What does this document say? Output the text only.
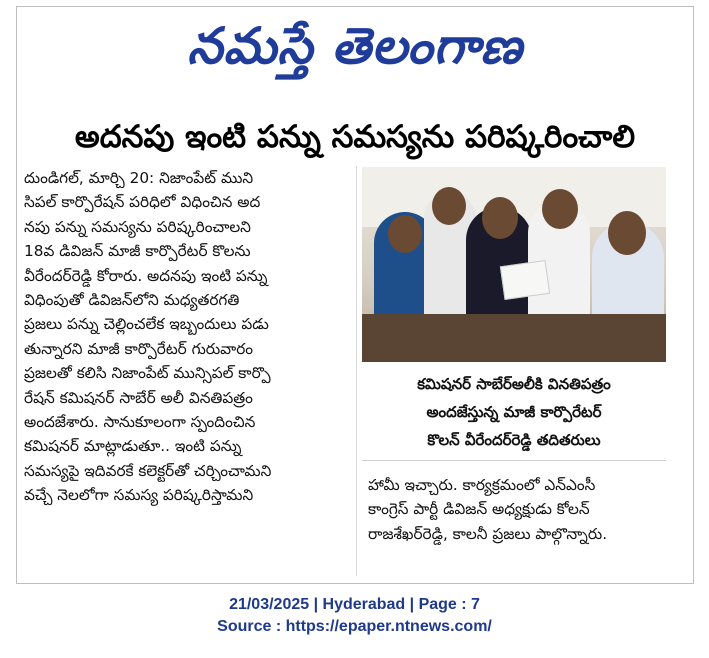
నమస్తే తెలంగాణ
అదనపు ఇంటి పన్ను సమస్యను పరిష్కరించాలి
దుండిగల్, మార్చి 20: నిజాంపేట్ ముని
సిపల్ కార్పొరేషన్ పరిధిలో విధించిన అద
నపు పన్ను సమస్యను పరిష్కరించాలని
18వ డివిజన్ మాజీ కార్పొరేటర్ కొలను
వీరేందర్‌రెడ్డి కోరారు. అదనపు ఇంటి పన్ను
విధింపుతో డివిజన్‌లోని మధ్యతరగతి
ప్రజలు పన్ను చెల్లించలేక ఇబ్బందులు పడు
తున్నారని మాజీ కార్పొరేటర్ గురువారం
ప్రజలతో కలిసి నిజాంపేట్ మున్సిపల్ కార్పొ
రేషన్ కమిషనర్ సాబేర్ అలీ వినతిపత్రం
అందజేశారు. సానుకూలంగా స్పందించిన
కమిషనర్ మాట్లాడుతూ.. ఇంటి పన్ను
సమస్యపై ఇదివరకే కలెక్టర్‌తో చర్చించామని
వచ్చే నెలలోగా సమస్య పరిష్కరిస్తామని
కమిషనర్ సాబేర్‌అలీకి వినతిపత్రం
అందజేస్తున్న మాజీ కార్పొరేటర్
కొలన్ వీరేందర్‌రెడ్డి తదితరులు
హామీ ఇచ్చారు. కార్యక్రమంలో ఎన్‌ఎంసీ
కాంగ్రెస్ పార్టీ డివిజన్ అధ్యక్షుడు కోలన్
రాజశేఖర్‌రెడ్డి, కాలనీ ప్రజలు పాల్గొన్నారు.
21/03/2025 | Hyderabad | Page : 7
Source : https://epaper.ntnews.com/
